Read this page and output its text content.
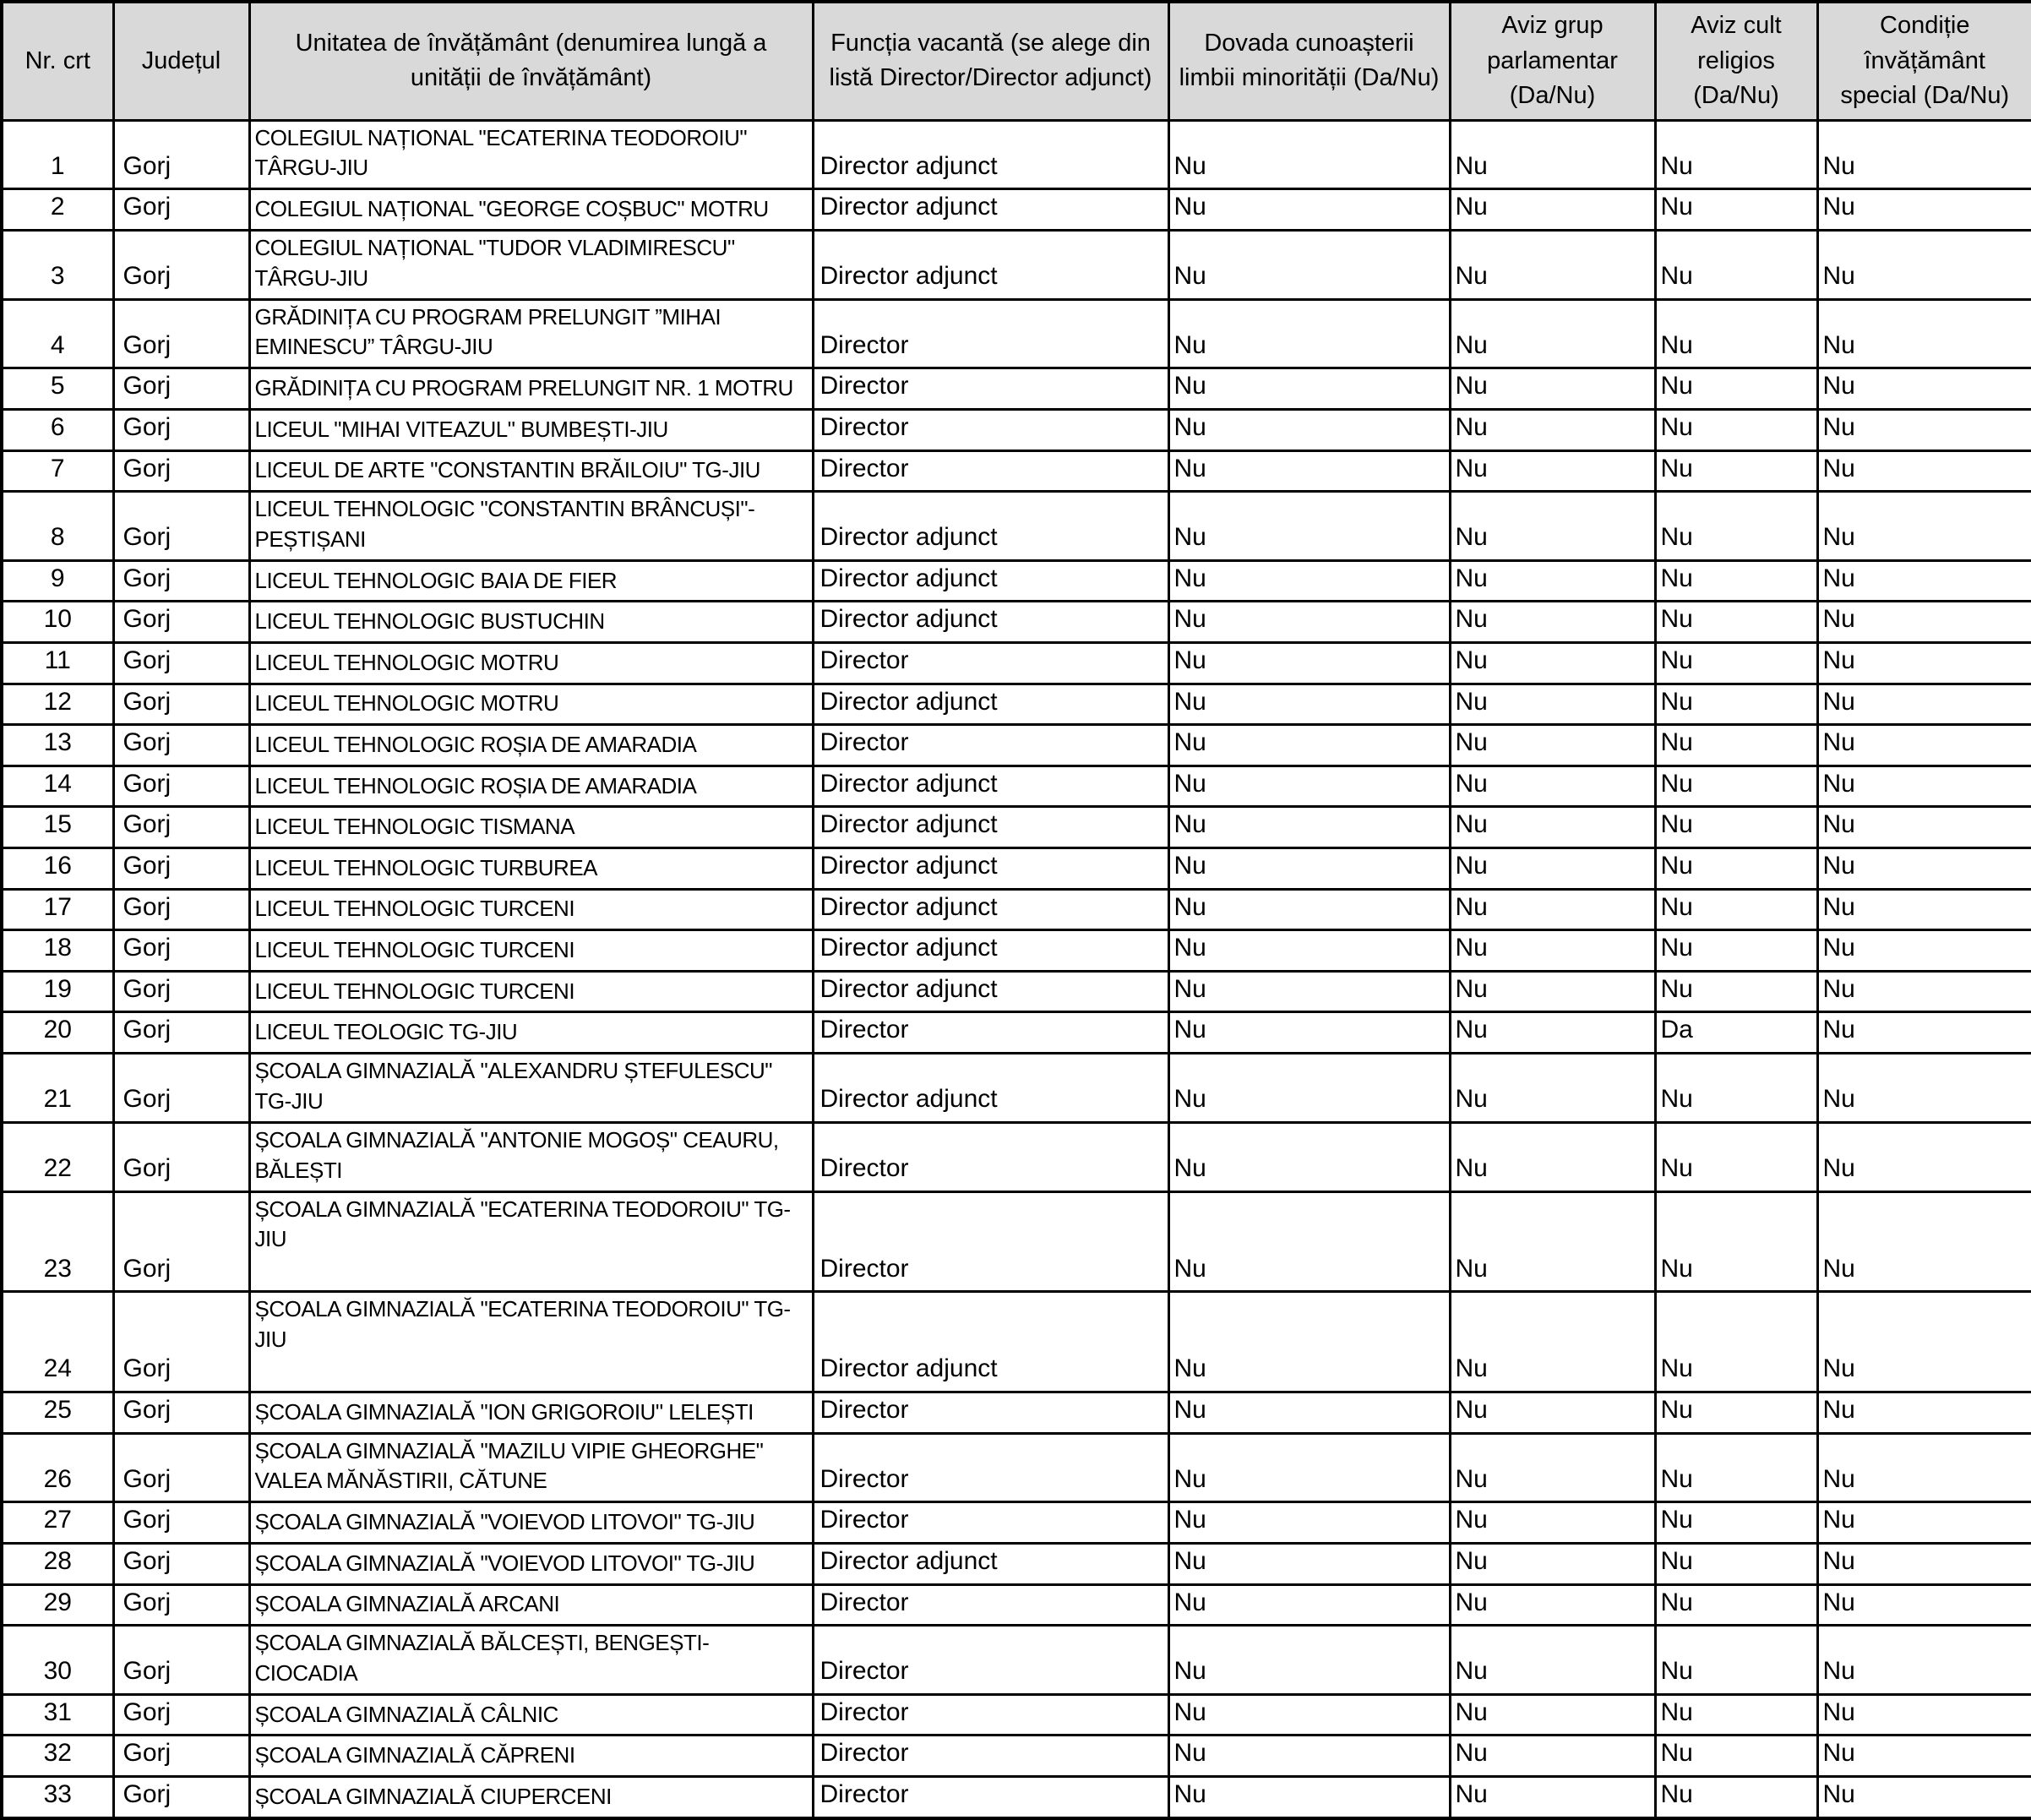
Nr. crt	Județul	Unitatea de învățământ (denumirea lungă a unității de învățământ)	Funcția vacantă (se alege din listă Director/Director adjunct)	Dovada cunoașterii limbii minorității (Da/Nu)	Aviz grup parlamentar (Da/Nu)	Aviz cult religios (Da/Nu)	Condiție învățământ special (Da/Nu)
1	Gorj	COLEGIUL NAȚIONAL "ECATERINA TEODOROIU" TÂRGU-JIU	Director adjunct	Nu	Nu	Nu	Nu
2	Gorj	COLEGIUL NAȚIONAL "GEORGE COȘBUC" MOTRU	Director adjunct	Nu	Nu	Nu	Nu
3	Gorj	COLEGIUL NAȚIONAL "TUDOR VLADIMIRESCU" TÂRGU-JIU	Director adjunct	Nu	Nu	Nu	Nu
4	Gorj	GRĂDINIȚA CU PROGRAM PRELUNGIT ”MIHAI EMINESCU” TÂRGU-JIU	Director	Nu	Nu	Nu	Nu
5	Gorj	GRĂDINIȚA CU PROGRAM PRELUNGIT NR. 1 MOTRU	Director	Nu	Nu	Nu	Nu
6	Gorj	LICEUL "MIHAI VITEAZUL" BUMBEȘTI-JIU	Director	Nu	Nu	Nu	Nu
7	Gorj	LICEUL DE ARTE "CONSTANTIN BRĂILOIU" TG-JIU	Director	Nu	Nu	Nu	Nu
8	Gorj	LICEUL TEHNOLOGIC "CONSTANTIN BRÂNCUȘI"-PEȘTIȘANI	Director adjunct	Nu	Nu	Nu	Nu
9	Gorj	LICEUL TEHNOLOGIC BAIA DE FIER	Director adjunct	Nu	Nu	Nu	Nu
10	Gorj	LICEUL TEHNOLOGIC BUSTUCHIN	Director adjunct	Nu	Nu	Nu	Nu
11	Gorj	LICEUL TEHNOLOGIC MOTRU	Director	Nu	Nu	Nu	Nu
12	Gorj	LICEUL TEHNOLOGIC MOTRU	Director adjunct	Nu	Nu	Nu	Nu
13	Gorj	LICEUL TEHNOLOGIC ROȘIA DE AMARADIA	Director	Nu	Nu	Nu	Nu
14	Gorj	LICEUL TEHNOLOGIC ROȘIA DE AMARADIA	Director adjunct	Nu	Nu	Nu	Nu
15	Gorj	LICEUL TEHNOLOGIC TISMANA	Director adjunct	Nu	Nu	Nu	Nu
16	Gorj	LICEUL TEHNOLOGIC TURBUREA	Director adjunct	Nu	Nu	Nu	Nu
17	Gorj	LICEUL TEHNOLOGIC TURCENI	Director adjunct	Nu	Nu	Nu	Nu
18	Gorj	LICEUL TEHNOLOGIC TURCENI	Director adjunct	Nu	Nu	Nu	Nu
19	Gorj	LICEUL TEHNOLOGIC TURCENI	Director adjunct	Nu	Nu	Nu	Nu
20	Gorj	LICEUL TEOLOGIC TG-JIU	Director	Nu	Nu	Da	Nu
21	Gorj	ȘCOALA GIMNAZIALĂ "ALEXANDRU ȘTEFULESCU" TG-JIU	Director adjunct	Nu	Nu	Nu	Nu
22	Gorj	ȘCOALA GIMNAZIALĂ "ANTONIE MOGOȘ" CEAURU, BĂLEȘTI	Director	Nu	Nu	Nu	Nu
23	Gorj	ȘCOALA GIMNAZIALĂ "ECATERINA TEODOROIU" TG-JIU	Director	Nu	Nu	Nu	Nu
24	Gorj	ȘCOALA GIMNAZIALĂ "ECATERINA TEODOROIU" TG-JIU	Director adjunct	Nu	Nu	Nu	Nu
25	Gorj	ȘCOALA GIMNAZIALĂ "ION GRIGOROIU" LELEȘTI	Director	Nu	Nu	Nu	Nu
26	Gorj	ȘCOALA GIMNAZIALĂ "MAZILU VIPIE GHEORGHE" VALEA MĂNĂSTIRII, CĂTUNE	Director	Nu	Nu	Nu	Nu
27	Gorj	ȘCOALA GIMNAZIALĂ "VOIEVOD LITOVOI" TG-JIU	Director	Nu	Nu	Nu	Nu
28	Gorj	ȘCOALA GIMNAZIALĂ "VOIEVOD LITOVOI" TG-JIU	Director adjunct	Nu	Nu	Nu	Nu
29	Gorj	ȘCOALA GIMNAZIALĂ ARCANI	Director	Nu	Nu	Nu	Nu
30	Gorj	ȘCOALA GIMNAZIALĂ BĂLCEȘTI, BENGEȘTI-CIOCADIA	Director	Nu	Nu	Nu	Nu
31	Gorj	ȘCOALA GIMNAZIALĂ CÂLNIC	Director	Nu	Nu	Nu	Nu
32	Gorj	ȘCOALA GIMNAZIALĂ CĂPRENI	Director	Nu	Nu	Nu	Nu
33	Gorj	ȘCOALA GIMNAZIALĂ CIUPERCENI	Director	Nu	Nu	Nu	Nu
